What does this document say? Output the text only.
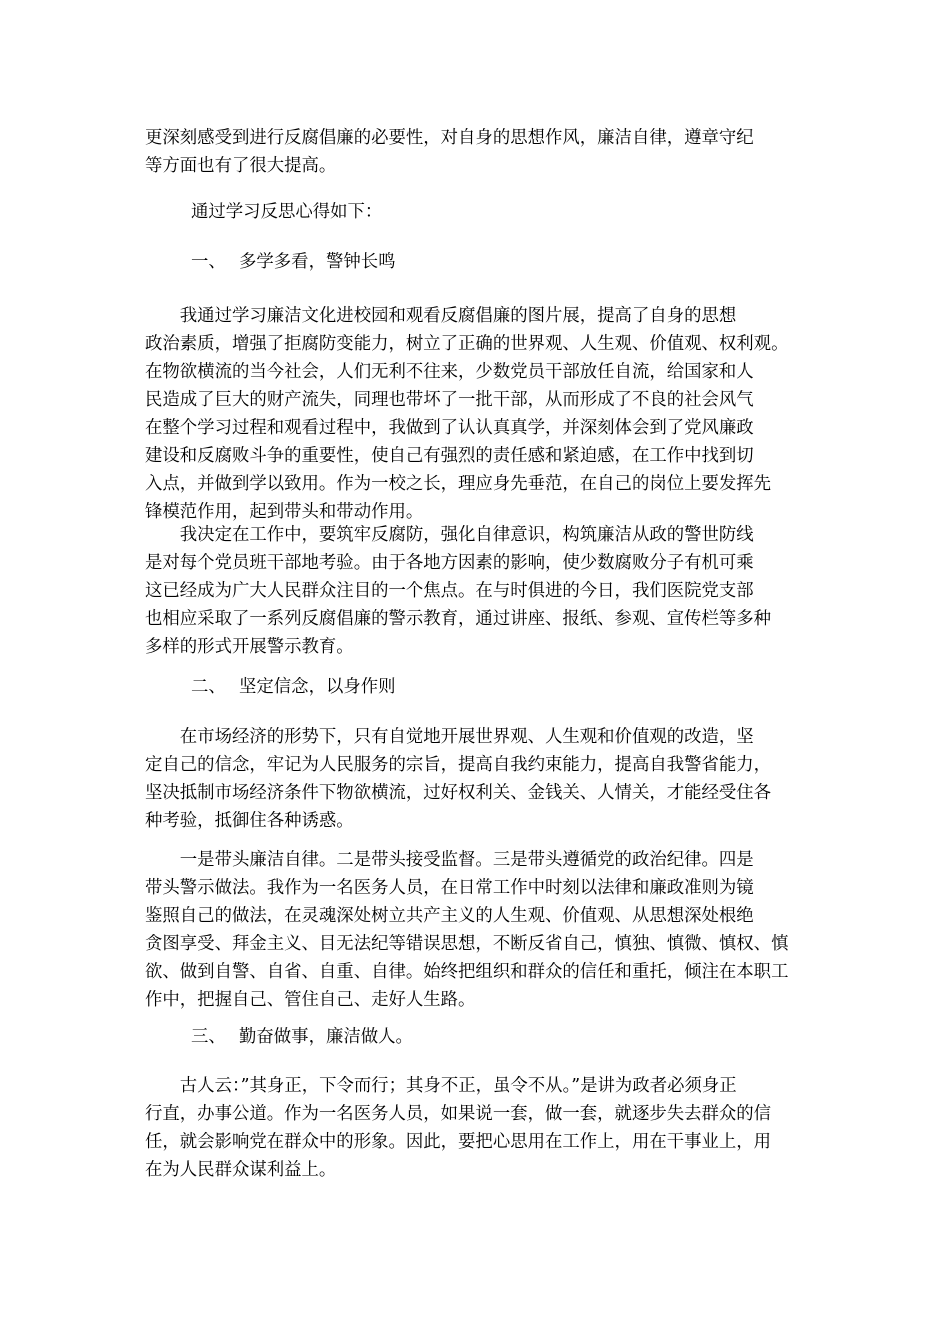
更深刻感受到进行反腐倡廉的必要性，对自身的思想作风，廉洁自律，遵章守纪
等方面也有了很大提高。
通过学习反思心得如下：
一、 多学多看，警钟长鸣
　　我通过学习廉洁文化进校园和观看反腐倡廉的图片展，提高了自身的思想
政治素质，增强了拒腐防变能力，树立了正确的世界观、人生观、价值观、权利观。
在物欲横流的当今社会，人们无利不往来，少数党员干部放任自流，给国家和人
民造成了巨大的财产流失，同理也带坏了一批干部，从而形成了不良的社会风气
在整个学习过程和观看过程中，我做到了认认真真学，并深刻体会到了党风廉政
建设和反腐败斗争的重要性，使自己有强烈的责任感和紧迫感，在工作中找到切
入点，并做到学以致用。作为一校之长，理应身先垂范，在自己的岗位上要发挥先
锋模范作用，起到带头和带动作用。
　　我决定在工作中，要筑牢反腐防，强化自律意识，构筑廉洁从政的警世防线
是对每个党员班干部地考验。由于各地方因素的影响，使少数腐败分子有机可乘
这已经成为广大人民群众注目的一个焦点。在与时俱进的今日，我们医院党支部
也相应采取了一系列反腐倡廉的警示教育，通过讲座、报纸、参观、宣传栏等多种
多样的形式开展警示教育。
二、 坚定信念，以身作则
　　在市场经济的形势下，只有自觉地开展世界观、人生观和价值观的改造，坚
定自己的信念，牢记为人民服务的宗旨，提高自我约束能力，提高自我警省能力，
坚决抵制市场经济条件下物欲横流，过好权利关、金钱关、人情关，才能经受住各
种考验，抵御住各种诱惑。
　　一是带头廉洁自律。二是带头接受监督。三是带头遵循党的政治纪律。四是
带头警示做法。我作为一名医务人员，在日常工作中时刻以法律和廉政准则为镜
鉴照自己的做法，在灵魂深处树立共产主义的人生观、价值观、从思想深处根绝
贪图享受、拜金主义、目无法纪等错误思想，不断反省自己，慎独、慎微、慎权、慎
欲、做到自警、自省、自重、自律。始终把组织和群众的信任和重托，倾注在本职工
作中，把握自己、管住自己、走好人生路。
三、 勤奋做事，廉洁做人。
　　古人云：”其身正，下令而行；其身不正，虽令不从。”是讲为政者必须身正
行直，办事公道。作为一名医务人员，如果说一套，做一套，就逐步失去群众的信
任，就会影响党在群众中的形象。因此，要把心思用在工作上，用在干事业上，用
在为人民群众谋利益上。
